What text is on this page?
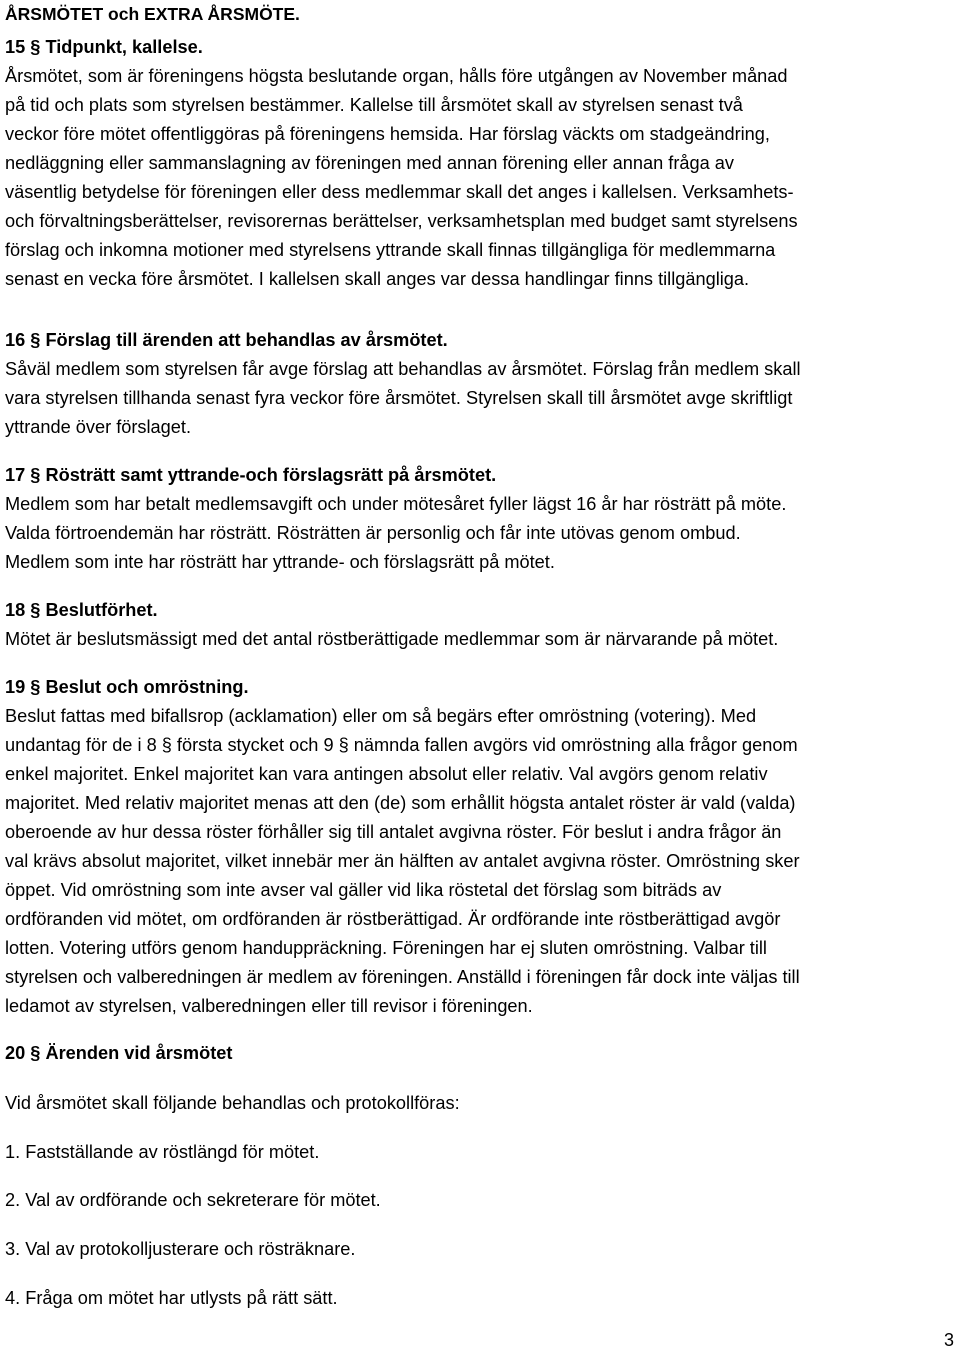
ÅRSMÖTET och EXTRA ÅRSMÖTE.
15 § Tidpunkt, kallelse.
Årsmötet, som är föreningens högsta beslutande organ, hålls före utgången av November månad
på tid och plats som styrelsen bestämmer. Kallelse till årsmötet skall av styrelsen senast två
veckor före mötet offentliggöras på föreningens hemsida. Har förslag väckts om stadgeändring,
nedläggning eller sammanslagning av föreningen med annan förening eller annan fråga av
väsentlig betydelse för föreningen eller dess medlemmar skall det anges i kallelsen. Verksamhets-
och förvaltningsberättelser, revisorernas berättelser, verksamhetsplan med budget samt styrelsens
förslag och inkomna motioner med styrelsens yttrande skall finnas tillgängliga för medlemmarna
senast en vecka före årsmötet. I kallelsen skall anges var dessa handlingar finns tillgängliga.
16 § Förslag till ärenden att behandlas av årsmötet.
Såväl medlem som styrelsen får avge förslag att behandlas av årsmötet. Förslag från medlem skall
vara styrelsen tillhanda senast fyra veckor före årsmötet. Styrelsen skall till årsmötet avge skriftligt
yttrande över förslaget.
17 § Rösträtt samt yttrande-och förslagsrätt på årsmötet.
Medlem som har betalt medlemsavgift och under mötesåret fyller lägst 16 år har rösträtt på möte.
Valda förtroendemän har rösträtt. Rösträtten är personlig och får inte utövas genom ombud.
Medlem som inte har rösträtt har yttrande- och förslagsrätt på mötet.
18 § Beslutförhet.
Mötet är beslutsmässigt med det antal röstberättigade medlemmar som är närvarande på mötet.
19 § Beslut och omröstning.
Beslut fattas med bifallsrop (acklamation) eller om så begärs efter omröstning (votering). Med
undantag för de i 8 § första stycket och 9 § nämnda fallen avgörs vid omröstning alla frågor genom
enkel majoritet. Enkel majoritet kan vara antingen absolut eller relativ. Val avgörs genom relativ
majoritet. Med relativ majoritet menas att den (de) som erhållit högsta antalet röster är vald (valda)
oberoende av hur dessa röster förhåller sig till antalet avgivna röster. För beslut i andra frågor än
val krävs absolut majoritet, vilket innebär mer än hälften av antalet avgivna röster. Omröstning sker
öppet. Vid omröstning som inte avser val gäller vid lika röstetal det förslag som biträds av
ordföranden vid mötet, om ordföranden är röstberättigad. Är ordförande inte röstberättigad avgör
lotten. Votering utförs genom handuppräckning. Föreningen har ej sluten omröstning. Valbar till
styrelsen och valberedningen är medlem av föreningen. Anställd i föreningen får dock inte väljas till
ledamot av styrelsen, valberedningen eller till revisor i föreningen.
20 § Ärenden vid årsmötet
Vid årsmötet skall följande behandlas och protokollföras:
1. Fastställande av röstlängd för mötet.
2. Val av ordförande och sekreterare för mötet.
3. Val av protokolljusterare och rösträknare.
4. Fråga om mötet har utlysts på rätt sätt.
3
